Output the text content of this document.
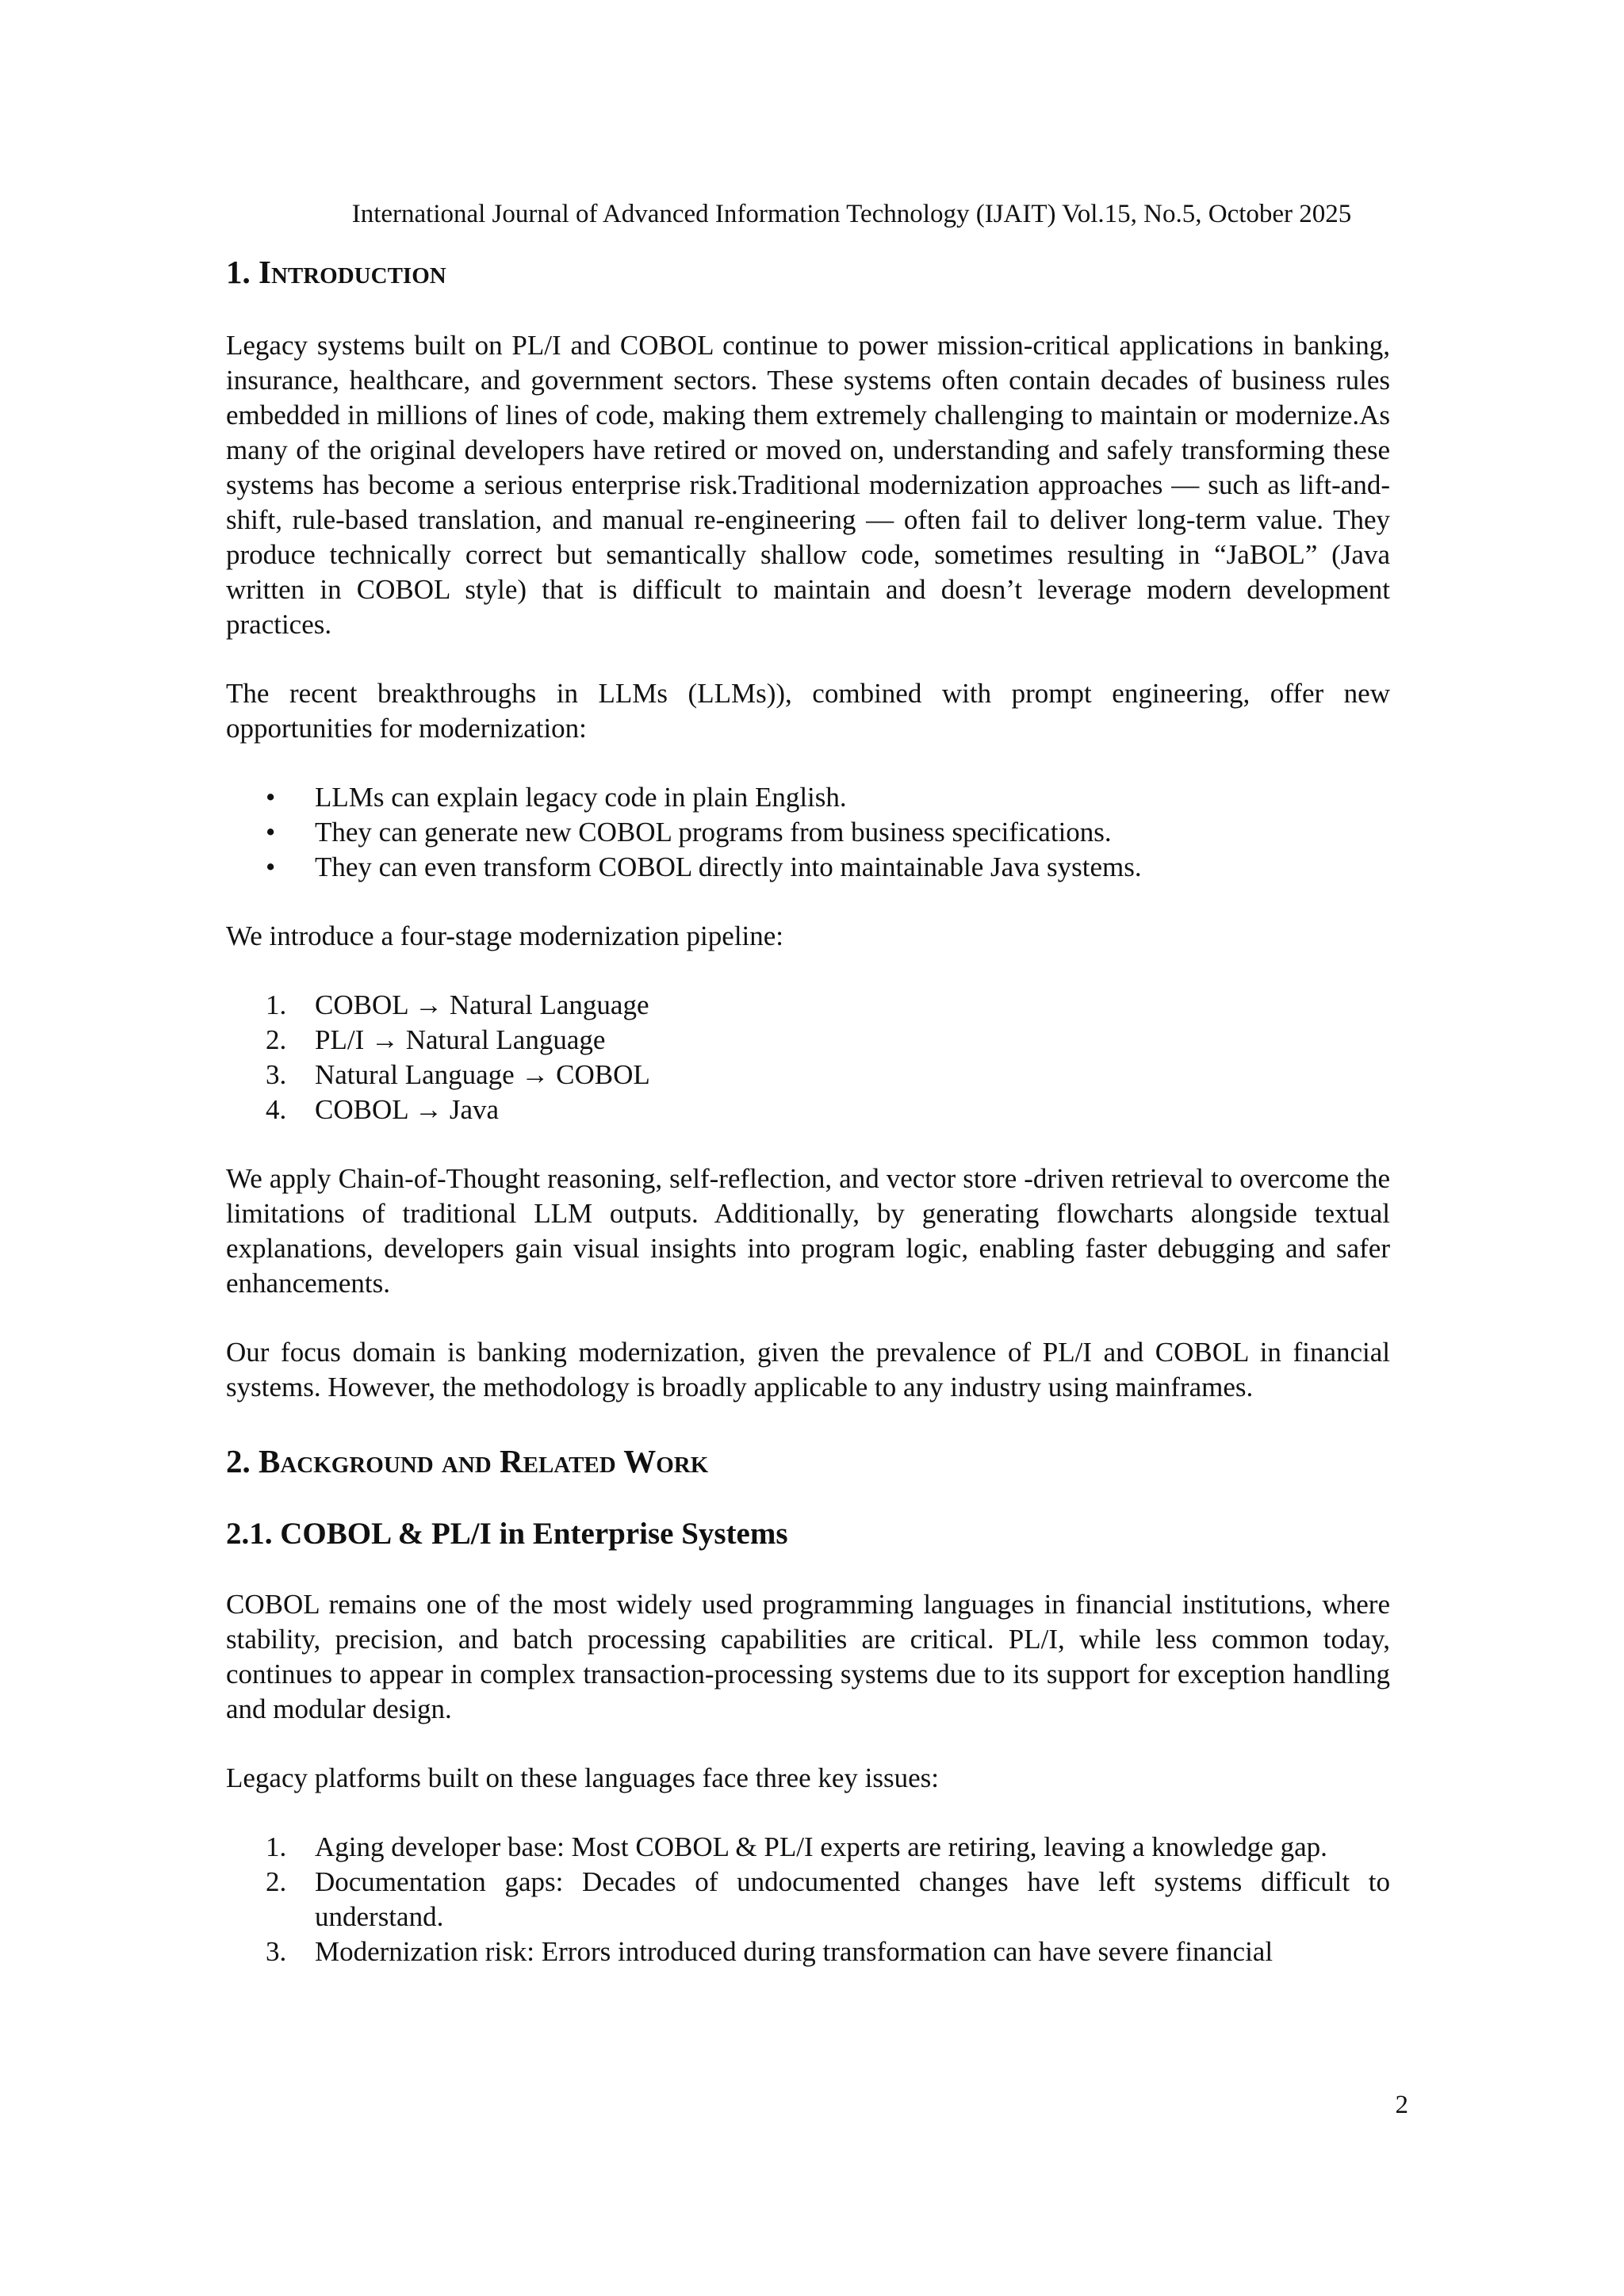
International Journal of Advanced Information Technology (IJAIT) Vol.15, No.5, October 2025
1. Introduction

Legacy systems built on PL/I and COBOL continue to power mission-critical applications in banking, insurance, healthcare, and government sectors. These systems often contain decades of business rules embedded in millions of lines of code, making them extremely challenging to maintain or modernize.As many of the original developers have retired or moved on, understanding and safely transforming these systems has become a serious enterprise risk.Traditional modernization approaches — such as lift-and-shift, rule-based translation, and manual re-engineering — often fail to deliver long-term value. They produce technically correct but semantically shallow code, sometimes resulting in “JaBOL” (Java written in COBOL style) that is difficult to maintain and doesn’t leverage modern development practices.

The recent breakthroughs in LLMs (LLMs)), combined with prompt engineering, offer new opportunities for modernization:

• LLMs can explain legacy code in plain English.
• They can generate new COBOL programs from business specifications.
• They can even transform COBOL directly into maintainable Java systems.

We introduce a four-stage modernization pipeline:

1. COBOL → Natural Language
2. PL/I → Natural Language
3. Natural Language → COBOL
4. COBOL → Java

We apply Chain-of-Thought reasoning, self-reflection, and vector store -driven retrieval to overcome the limitations of traditional LLM outputs. Additionally, by generating flowcharts alongside textual explanations, developers gain visual insights into program logic, enabling faster debugging and safer enhancements.

Our focus domain is banking modernization, given the prevalence of PL/I and COBOL in financial systems. However, the methodology is broadly applicable to any industry using mainframes.

2. Background and Related Work
2.1. COBOL & PL/I in Enterprise Systems

COBOL remains one of the most widely used programming languages in financial institutions, where stability, precision, and batch processing capabilities are critical. PL/I, while less common today, continues to appear in complex transaction-processing systems due to its support for exception handling and modular design.

Legacy platforms built on these languages face three key issues:

1. Aging developer base: Most COBOL & PL/I experts are retiring, leaving a knowledge gap.
2. Documentation gaps: Decades of undocumented changes have left systems difficult to understand.
3. Modernization risk: Errors introduced during transformation can have severe financial
2
